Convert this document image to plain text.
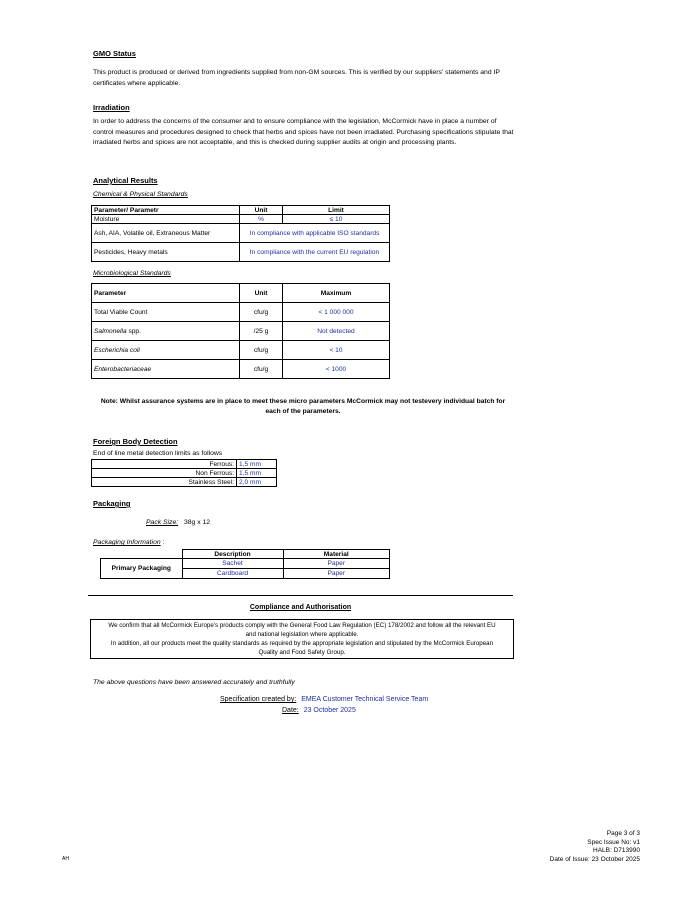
GMO Status
This product is produced or derived from ingredients supplied from non-GM sources. This is verified by our suppliers' statements and IP certificates where applicable.
Irradiation
In order to address the concerns of the consumer and to ensure compliance with the legislation, McCormick have in place a number of control measures and procedures designed to check that herbs and spices have not been irradiated. Purchasing specifications stipulate that irradiated herbs and spices are not acceptable, and this is checked during supplier audits at origin and processing plants.
Analytical Results
Chemical & Physical Standards
Parameter/ Parametr	Unit	Limit
Moisture	%	≤ 10
Ash, AIA, Volatile oil, Extraneous Matter	In compliance with applicable ISO standards	
Pesticides, Heavy metals	In compliance with the current EU regulation	
Microbiological Standards
Parameter	Unit	Maximum
Total Viable Count	cfu/g	< 1 000 000
Salmonella spp.	/25 g	Not detected
Escherichia coli	cfu/g	< 10
Enterobacteriaceae	cfu/g	< 1000
Note: Whilst assurance systems are in place to meet these micro parameters McCormick may not testevery individual batch for
each of the parameters.
Foreign Body Detection
End of line metal detection limits as follows
Ferrous:	1,5 mm
Non Ferrous:	1,5 mm
Stainless Steel:	2,0 mm
Packaging
Pack Size: 38g x 12
Packaging Information :
	Description	Material
Primary Packaging	Sachet	Paper
	Cardboard	Paper
Compliance and Authorisation
We confirm that all McCormick Europe's products comply with the General Food Law Regulation (EC) 178/2002 and follow all the relevant EU
and national legislation where applicable.
In addition, all our products meet the quality standards as required by the appropriate legislation and stipulated by the McCormick European
Quality and Food Safety Group.
The above questions have been answered accurately and truthfully
Specification created by: EMEA Customer Technical Service Team
Date: 23 October 2025
Page 3 of 3
Spec Issue No: v1
HALB: D713990
Date of Issue: 23 October 2025
AH
